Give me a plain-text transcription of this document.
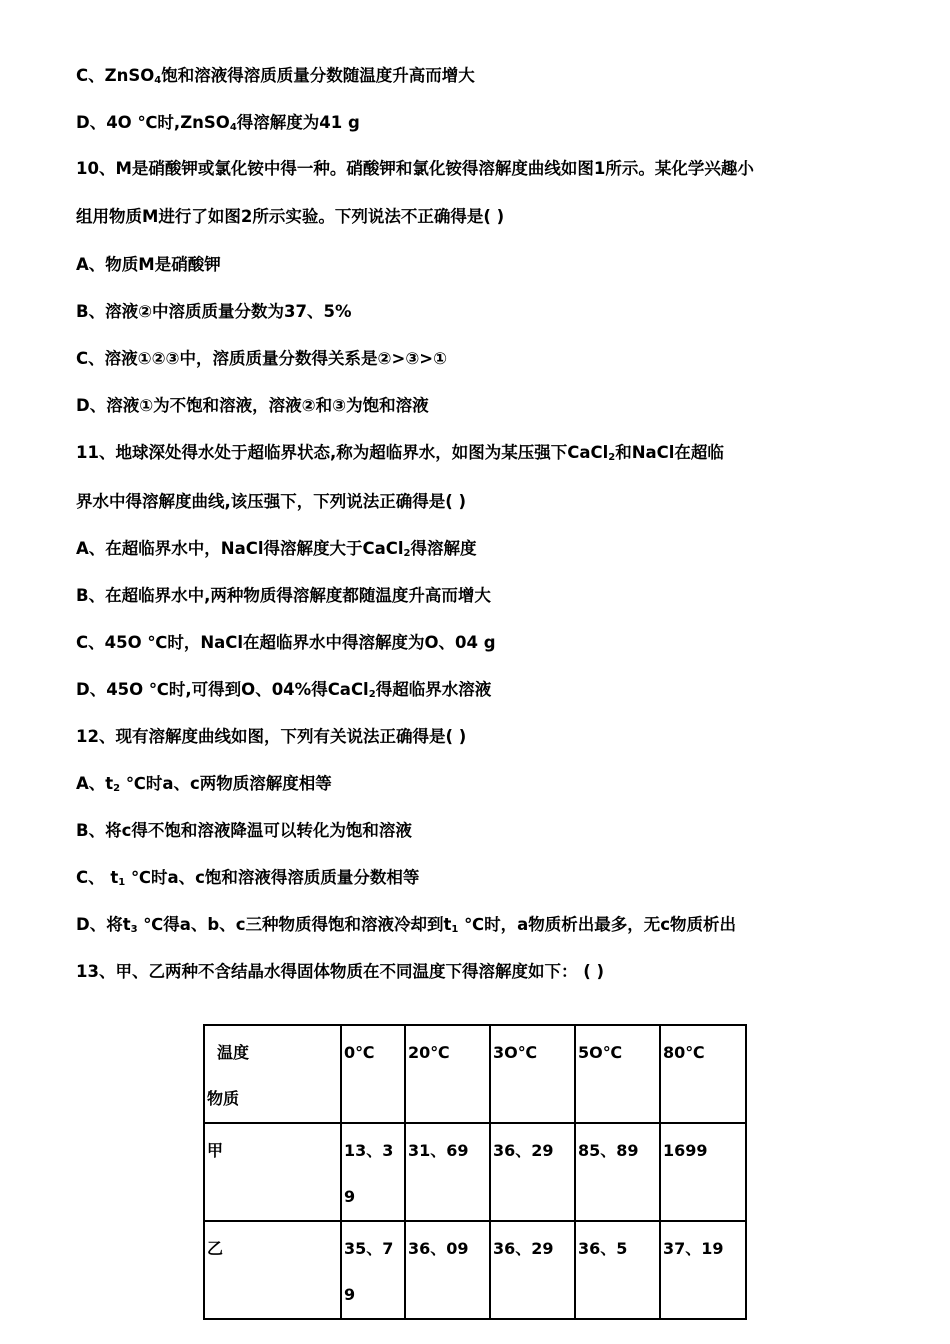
C、ZnSO$_4$饱和溶液得溶质质量分数随温度升高而增大
D、4O ℃时,ZnSO$_4$得溶解度为41 g
10、M是硝酸钾或氯化铵中得一种。硝酸钾和氯化铵得溶解度曲线如图1所示。某化学兴趣小
组用物质M进行了如图2所示实验。下列说法不正确得是( )
A、物质M是硝酸钾
B、溶液②中溶质质量分数为37、5%
C、溶液①②③中，溶质质量分数得关系是②>③>①
D、溶液①为不饱和溶液，溶液②和③为饱和溶液
11、地球深处得水处于超临界状态,称为超临界水，如图为某压强下CaCl$_2$和NaCl在超临
界水中得溶解度曲线,该压强下，下列说法正确得是( )
A、在超临界水中，NaCl得溶解度大于CaCl$_2$得溶解度
B、在超临界水中,两种物质得溶解度都随温度升高而增大
C、45O ℃时，NaCl在超临界水中得溶解度为O、04 g
D、45O ℃时,可得到O、04%得CaCl$_2$得超临界水溶液
12、现有溶解度曲线如图，下列有关说法正确得是( )
A、$t_2$ ℃时a、c两物质溶解度相等
B、将c得不饱和溶液降温可以转化为饱和溶液
C、 $t_1$ ℃时a、c饱和溶液得溶质质量分数相等
D、将$t_3$ ℃得a、b、c三种物质得饱和溶液冷却到$t_1$ ℃时，a物质析出最多，无c物质析出
13、甲、乙两种不含结晶水得固体物质在不同温度下得溶解度如下： ( )
温度
物质	0℃	20℃	3O℃	5O℃	80℃
甲	13、39	31、69	36、29	85、89	1699
乙	35、79	36、09	36、29	36、5	37、19
